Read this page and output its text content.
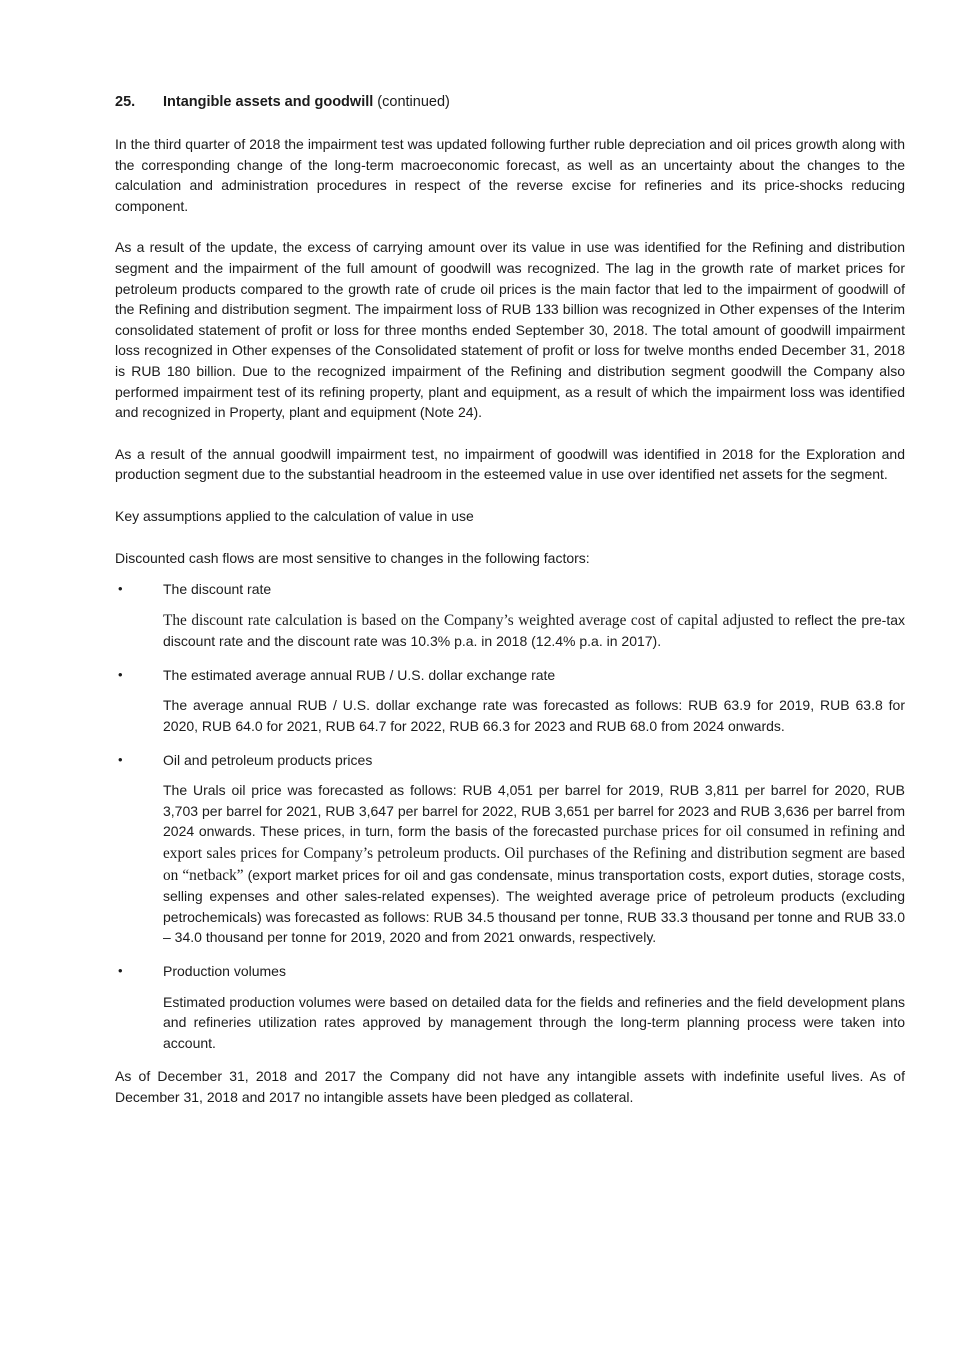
25.	Intangible assets and goodwill (continued)

In the third quarter of 2018 the impairment test was updated following further ruble depreciation and oil prices growth along with the corresponding change of the long-term macroeconomic forecast, as well as an uncertainty about the changes to the calculation and administration procedures in respect of the reverse excise for refineries and its price-shocks reducing component.

As a result of the update, the excess of carrying amount over its value in use was identified for the Refining and distribution segment and the impairment of the full amount of goodwill was recognized. The lag in the growth rate of market prices for petroleum products compared to the growth rate of crude oil prices is the main factor that led to the impairment of goodwill of the Refining and distribution segment. The impairment loss of RUB 133 billion was recognized in Other expenses of the Interim consolidated statement of profit or loss for three months ended September 30, 2018. The total amount of goodwill impairment loss recognized in Other expenses of the Consolidated statement of profit or loss for twelve months ended December 31, 2018 is RUB 180 billion. Due to the recognized impairment of the Refining and distribution segment goodwill the Company also performed impairment test of its refining property, plant and equipment, as a result of which the impairment loss was identified and recognized in Property, plant and equipment (Note 24).

As a result of the annual goodwill impairment test, no impairment of goodwill was identified in 2018 for the Exploration and production segment due to the substantial headroom in the esteemed value in use over identified net assets for the segment.

Key assumptions applied to the calculation of value in use

Discounted cash flows are most sensitive to changes in the following factors:

•	The discount rate

The discount rate calculation is based on the Company’s weighted average cost of capital adjusted to reflect the pre-tax discount rate and the discount rate was 10.3% p.a. in 2018 (12.4% p.a. in 2017).

•	The estimated average annual RUB / U.S. dollar exchange rate

The average annual RUB / U.S. dollar exchange rate was forecasted as follows: RUB 63.9 for 2019, RUB 63.8 for 2020, RUB 64.0 for 2021, RUB 64.7 for 2022, RUB 66.3 for 2023 and RUB 68.0 from 2024 onwards.

•	Oil and petroleum products prices

The Urals oil price was forecasted as follows: RUB 4,051 per barrel for 2019, RUB 3,811 per barrel for 2020, RUB 3,703 per barrel for 2021, RUB 3,647 per barrel for 2022, RUB 3,651 per barrel for 2023 and RUB 3,636 per barrel from 2024 onwards. These prices, in turn, form the basis of the forecasted purchase prices for oil consumed in refining and export sales prices for Company’s petroleum products. Oil purchases of the Refining and distribution segment are based on “netback” (export market prices for oil and gas condensate, minus transportation costs, export duties, storage costs, selling expenses and other sales-related expenses). The weighted average price of petroleum products (excluding petrochemicals) was forecasted as follows: RUB 34.5 thousand per tonne, RUB 33.3 thousand per tonne and RUB 33.0 – 34.0 thousand per tonne for 2019, 2020 and from 2021 onwards, respectively.

•	Production volumes

Estimated production volumes were based on detailed data for the fields and refineries and the field development plans and refineries utilization rates approved by management through the long-term planning process were taken into account.

As of December 31, 2018 and 2017 the Company did not have any intangible assets with indefinite useful lives. As of December 31, 2018 and 2017 no intangible assets have been pledged as collateral.
